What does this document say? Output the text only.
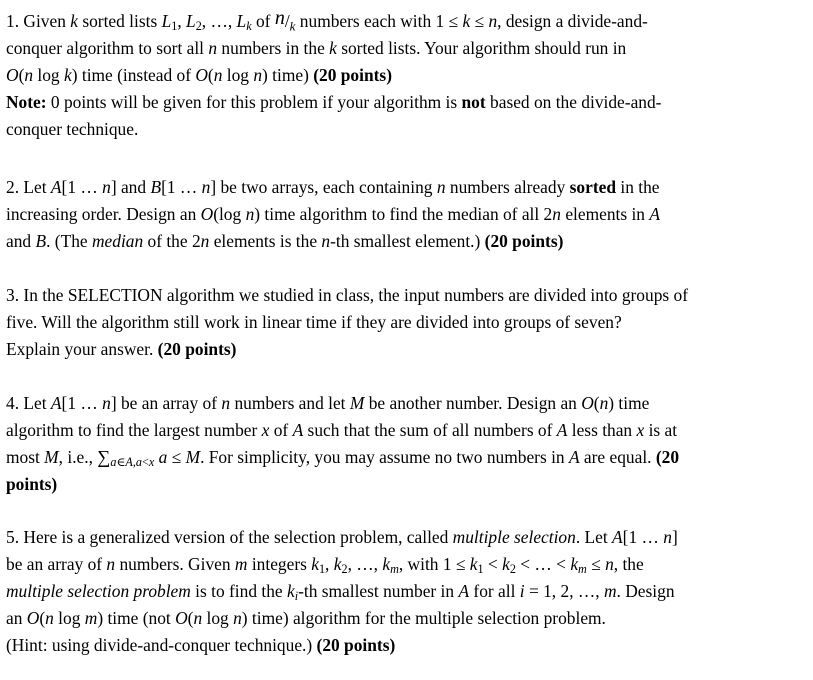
1. Given k sorted lists $L_1$, $L_2$, …, $L_k$ of n/k numbers each with 1 ≤ k ≤ n, design a divide-and-

conquer algorithm to sort all n numbers in the k sorted lists. Your algorithm should run in

O(n log k) time (instead of O(n log n) time) (20 points)

Note: 0 points will be given for this problem if your algorithm is not based on the divide-and-

conquer technique.

2. Let A[1 … n] and B[1 … n] be two arrays, each containing n numbers already sorted in the

increasing order. Design an O(log n) time algorithm to find the median of all 2n elements in A

and B. (The median of the 2n elements is the n-th smallest element.) (20 points)

3. In the SELECTION algorithm we studied in class, the input numbers are divided into groups of

five. Will the algorithm still work in linear time if they are divided into groups of seven?

Explain your answer. (20 points)

4. Let A[1 … n] be an array of n numbers and let M be another number. Design an O(n) time

algorithm to find the largest number x of A such that the sum of all numbers of A less than x is at

most M, i.e., $\sum_{a\in A,a<x}$ a ≤ M. For simplicity, you may assume no two numbers in A are equal. (20

points)

5. Here is a generalized version of the selection problem, called multiple selection. Let A[1 … n]

be an array of n numbers. Given m integers $k_1$, $k_2$, …, $k_m$, with $1 \le k_1 < k_2$ < … < $k_m \le n$, the

multiple selection problem is to find the $k_i-th$ smallest number in A for all i = 1, 2, …, m. Design

an O(n log m) time (not O(n log n) time) algorithm for the multiple selection problem.

(Hint: using divide-and-conquer technique.) (20 points)
